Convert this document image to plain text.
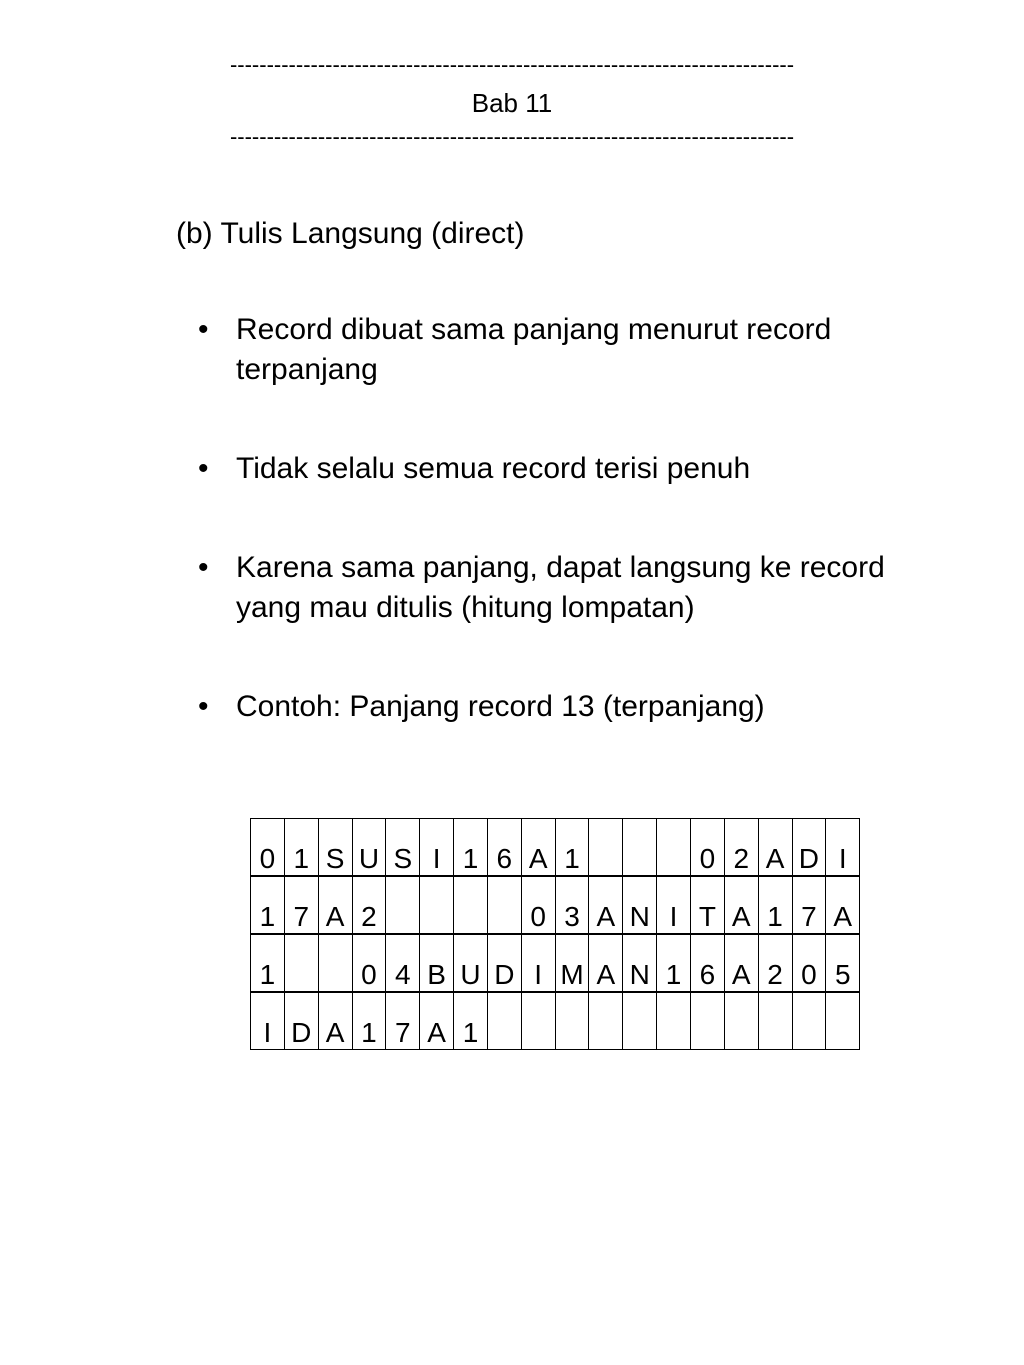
-----------------------------------------------------------------------------
Bab 11
-----------------------------------------------------------------------------
(b) Tulis Langsung (direct)
• Record dibuat sama panjang menurut record terpanjang
• Tidak selalu semua record terisi penuh
• Karena sama panjang, dapat langsung ke record yang mau ditulis (hitung lompatan)
• Contoh: Panjang record 13 (terpanjang)
0 1 S U S I 1 6 A 1	0 2 A D I
1 7 A 2	0 3 A N I T A 1 7 A
1	0 4 B U D I M A N 1 6 A 2 0 5
I D A 1 7 A 1
